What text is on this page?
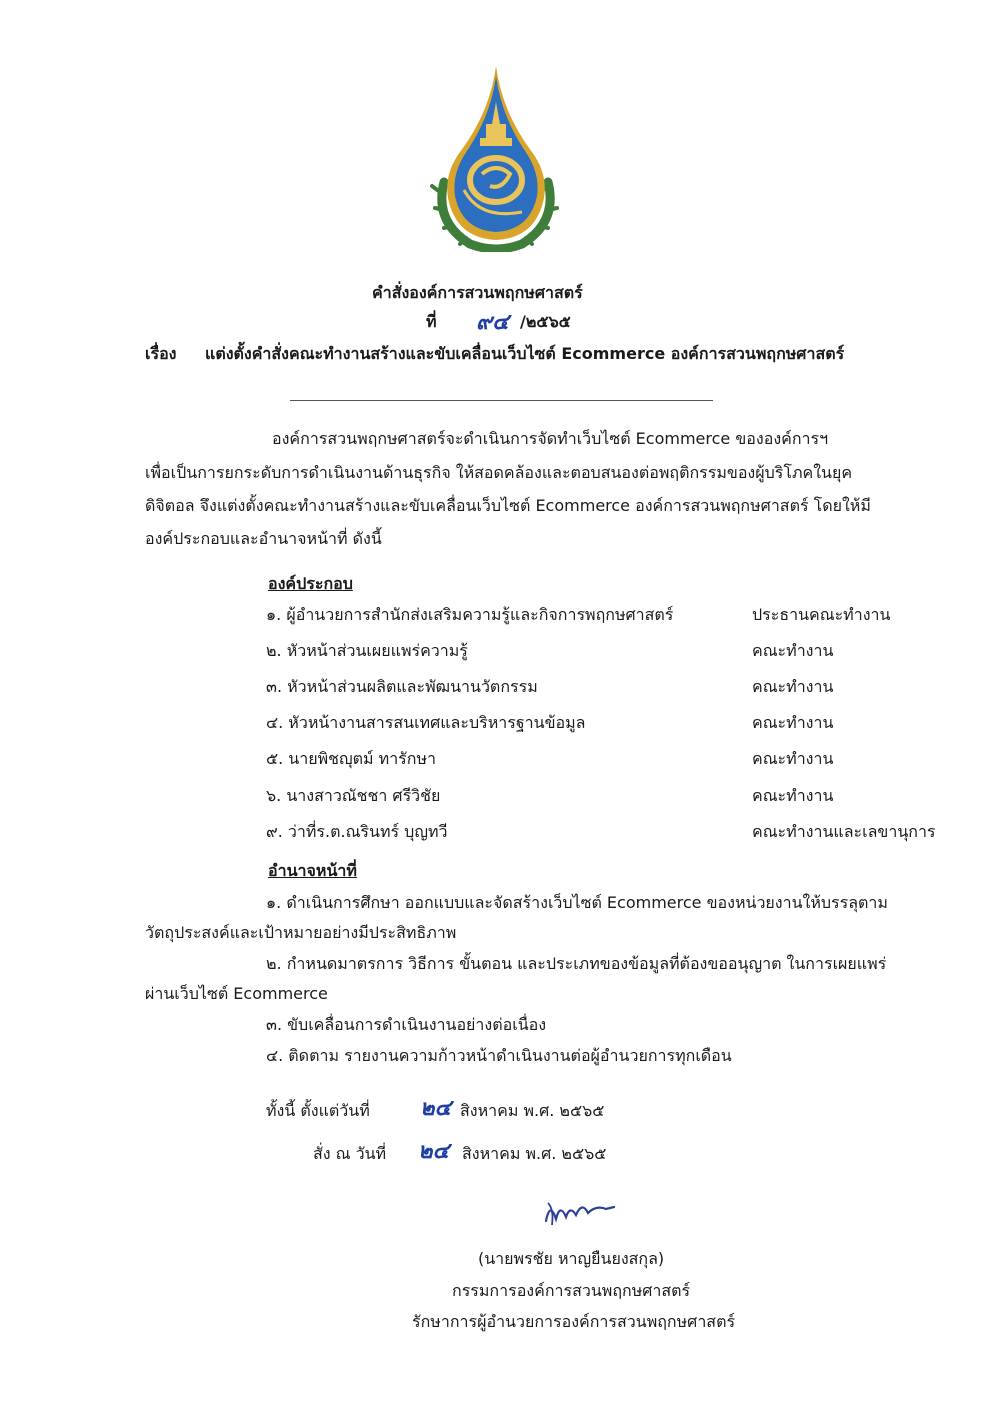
คำสั่งองค์การสวนพฤกษศาสตร์
ที่ ๙๔ /๒๕๖๕
เรื่อง แต่งตั้งคำสั่งคณะทำงานสร้างและขับเคลื่อนเว็บไซต์ Ecommerce องค์การสวนพฤกษศาสตร์
องค์การสวนพฤกษศาสตร์จะดำเนินการจัดทำเว็บไซต์ Ecommerce ขององค์การฯ
เพื่อเป็นการยกระดับการดำเนินงานด้านธุรกิจ ให้สอดคล้องและตอบสนองต่อพฤติกรรมของผู้บริโภคในยุค
ดิจิตอล จึงแต่งตั้งคณะทำงานสร้างและขับเคลื่อนเว็บไซต์ Ecommerce องค์การสวนพฤกษศาสตร์ โดยให้มี
องค์ประกอบและอำนาจหน้าที่ ดังนี้
องค์ประกอบ
๑. ผู้อำนวยการสำนักส่งเสริมความรู้และกิจการพฤกษศาสตร์	ประธานคณะทำงาน
๒. หัวหน้าส่วนเผยแพร่ความรู้	คณะทำงาน
๓. หัวหน้าส่วนผลิตและพัฒนานวัตกรรม	คณะทำงาน
๔. หัวหน้างานสารสนเทศและบริหารฐานข้อมูล	คณะทำงาน
๕. นายพิชญุตม์ ทารักษา	คณะทำงาน
๖. นางสาวณัชชา ศรีวิชัย	คณะทำงาน
๙. ว่าที่ร.ต.ณรินทร์ บุญทวี	คณะทำงานและเลขานุการ
อำนาจหน้าที่
๑. ดำเนินการศึกษา ออกแบบและจัดสร้างเว็บไซต์ Ecommerce ของหน่วยงานให้บรรลุตาม
วัตถุประสงค์และเป้าหมายอย่างมีประสิทธิภาพ
๒. กำหนดมาตรการ วิธีการ ขั้นตอน และประเภทของข้อมูลที่ต้องขออนุญาต ในการเผยแพร่
ผ่านเว็บไซต์ Ecommerce
๓. ขับเคลื่อนการดำเนินงานอย่างต่อเนื่อง
๔. ติดตาม รายงานความก้าวหน้าดำเนินงานต่อผู้อำนวยการทุกเดือน
ทั้งนี้ ตั้งแต่วันที่ ๒๔ สิงหาคม พ.ศ. ๒๕๖๕
สั่ง ณ วันที่ ๒๔ สิงหาคม พ.ศ. ๒๕๖๕
(นายพรชัย หาญยืนยงสกุล)
กรรมการองค์การสวนพฤกษศาสตร์
รักษาการผู้อำนวยการองค์การสวนพฤกษศาสตร์
